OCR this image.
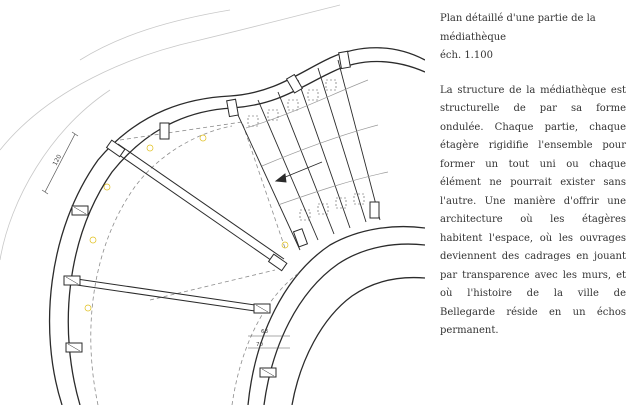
120
68
70

Plan détaillé d'une partie de la médiathèque

éch. 1.100

La structure de la médiathèque est structurelle de par sa forme ondulée. Chaque partie, chaque étagère rigidifie l'ensemble pour former un tout uni ou chaque élément ne pourrait exister sans l'autre. Une manière d'offrir une architecture où les étagères habitent l'espace, où les ouvrages deviennent des cadrages en jouant par transparence avec les murs, et où l'histoire de la ville de Bellegarde réside en un échos permanent.
